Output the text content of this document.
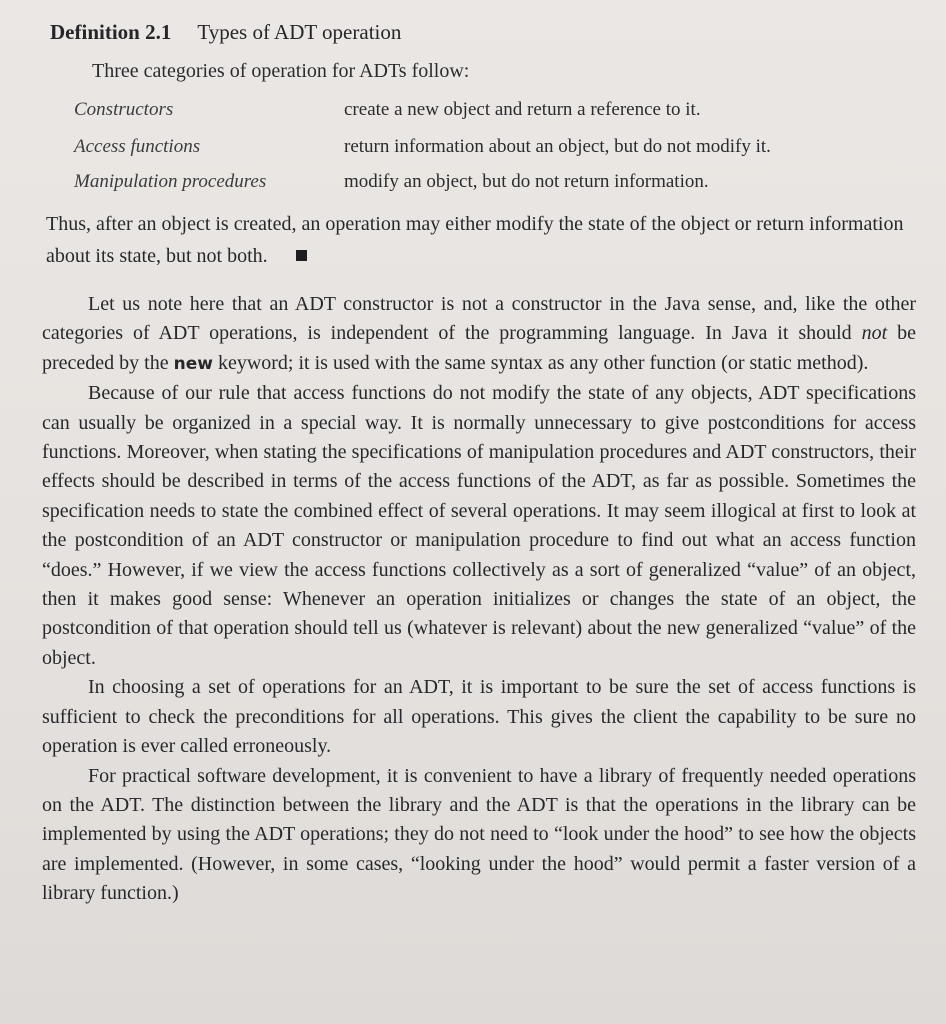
Definition 2.1 Types of ADT operation
Three categories of operation for ADTs follow:
Constructors	create a new object and return a reference to it.
Access functions	return information about an object, but do not modify it.
Manipulation procedures	modify an object, but do not return information.
Thus, after an object is created, an operation may either modify the state of the object or return information about its state, but not both.

Let us note here that an ADT constructor is not a constructor in the Java sense, and, like the other categories of ADT operations, is independent of the programming language. In Java it should not be preceded by the new keyword; it is used with the same syntax as any other function (or static method).

Because of our rule that access functions do not modify the state of any objects, ADT specifications can usually be organized in a special way. It is normally unnecessary to give postconditions for access functions. Moreover, when stating the specifications of manipulation procedures and ADT constructors, their effects should be described in terms of the access functions of the ADT, as far as possible. Sometimes the specification needs to state the combined effect of several operations. It may seem illogical at first to look at the postcondition of an ADT constructor or manipulation procedure to find out what an access function “does.” However, if we view the access functions collectively as a sort of generalized “value” of an object, then it makes good sense: Whenever an operation initializes or changes the state of an object, the postcondition of that operation should tell us (whatever is relevant) about the new generalized “value” of the object.

In choosing a set of operations for an ADT, it is important to be sure the set of access functions is sufficient to check the preconditions for all operations. This gives the client the capability to be sure no operation is ever called erroneously.

For practical software development, it is convenient to have a library of frequently needed operations on the ADT. The distinction between the library and the ADT is that the operations in the library can be implemented by using the ADT operations; they do not need to “look under the hood” to see how the objects are implemented. (However, in some cases, “looking under the hood” would permit a faster version of a library function.)
